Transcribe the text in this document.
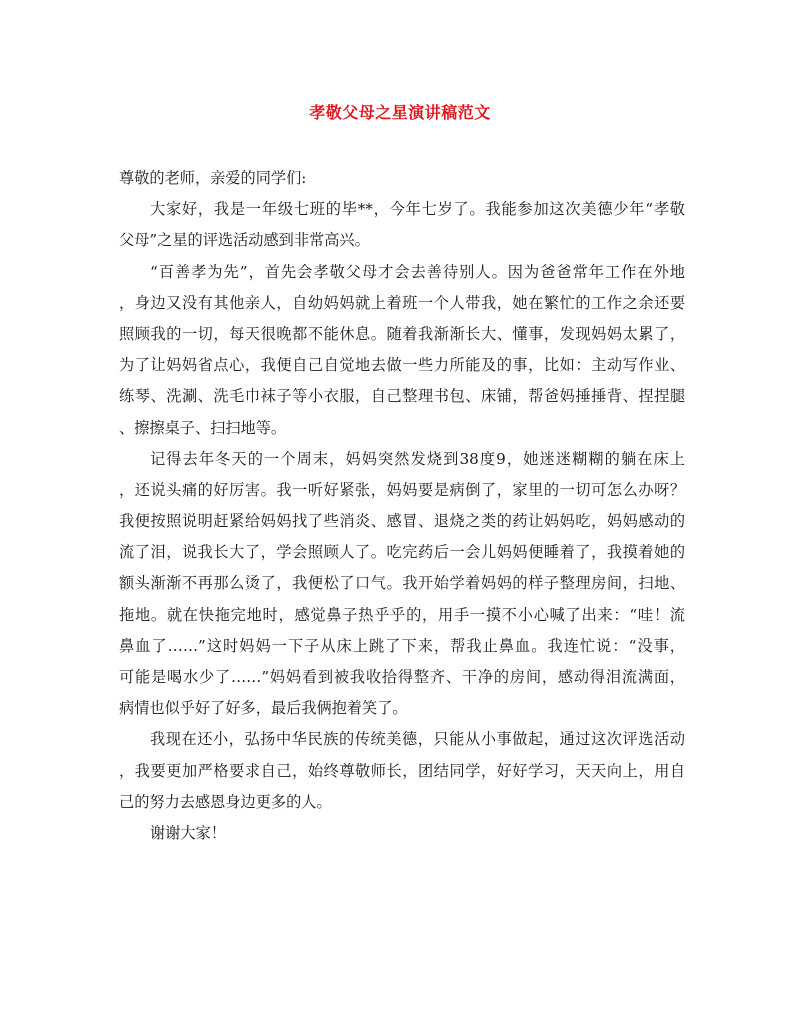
孝敬父母之星演讲稿范文
尊敬的老师，亲爱的同学们:
大家好，我是一年级七班的毕**，今年七岁了。我能参加这次美德少年“孝敬
父母”之星的评选活动感到非常高兴。
“百善孝为先”，首先会孝敬父母才会去善待别人。因为爸爸常年工作在外地
，身边又没有其他亲人，自幼妈妈就上着班一个人带我，她在繁忙的工作之余还要
照顾我的一切，每天很晚都不能休息。随着我渐渐长大、懂事，发现妈妈太累了，
为了让妈妈省点心，我便自己自觉地去做一些力所能及的事，比如：主动写作业、
练琴、洗涮、洗毛巾袜子等小衣服，自己整理书包、床铺，帮爸妈捶捶背、捏捏腿
、擦擦桌子、扫扫地等。
记得去年冬天的一个周末，妈妈突然发烧到38度9，她迷迷糊糊的躺在床上
，还说头痛的好厉害。我一听好紧张，妈妈要是病倒了，家里的一切可怎么办呀？
我便按照说明赶紧给妈妈找了些消炎、感冒、退烧之类的药让妈妈吃，妈妈感动的
流了泪，说我长大了，学会照顾人了。吃完药后一会儿妈妈便睡着了，我摸着她的
额头渐渐不再那么烫了，我便松了口气。我开始学着妈妈的样子整理房间，扫地、
拖地。就在快拖完地时，感觉鼻子热乎乎的，用手一摸不小心喊了出来：“哇！流
鼻血了……”这时妈妈一下子从床上跳了下来，帮我止鼻血。我连忙说：“没事，
可能是喝水少了……”妈妈看到被我收拾得整齐、干净的房间，感动得泪流满面，
病情也似乎好了好多，最后我俩抱着笑了。
我现在还小，弘扬中华民族的传统美德，只能从小事做起，通过这次评选活动
，我要更加严格要求自己，始终尊敬师长，团结同学，好好学习，天天向上，用自
己的努力去感恩身边更多的人。
谢谢大家！
